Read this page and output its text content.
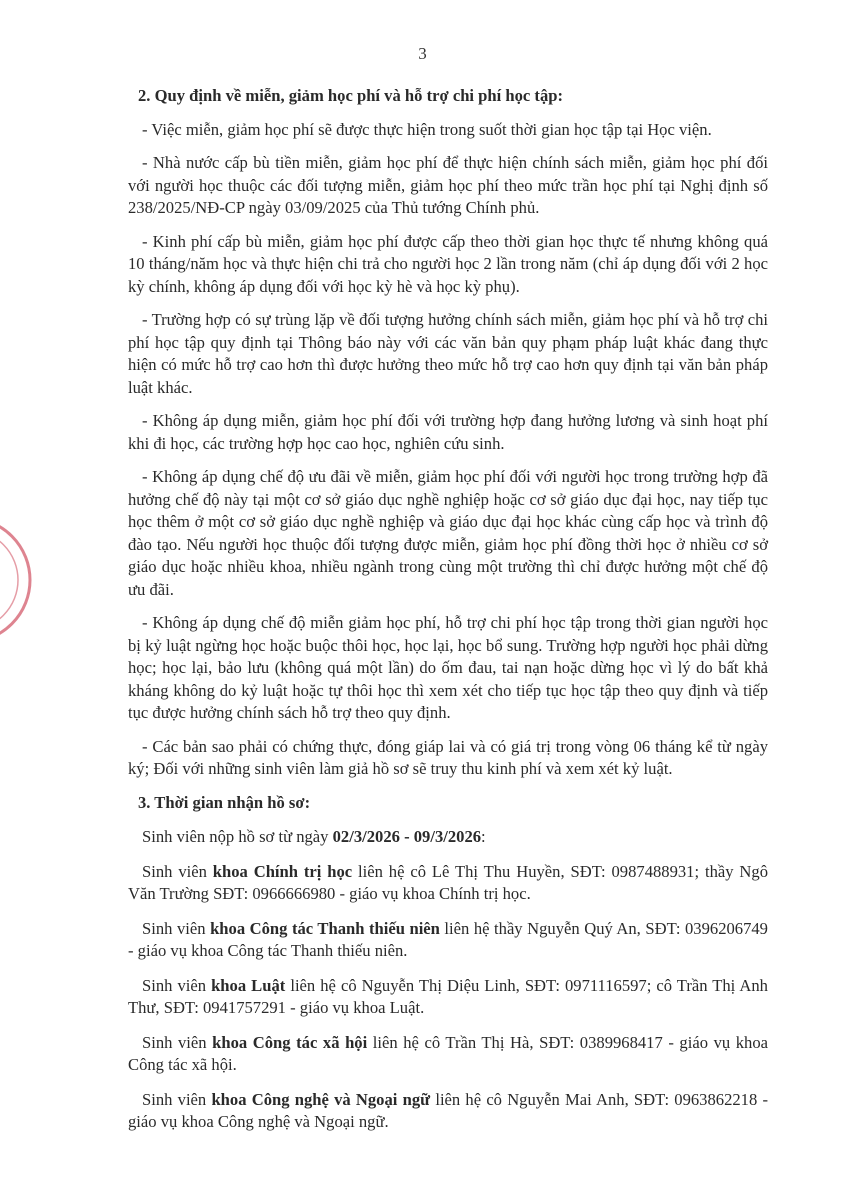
3
2. Quy định về miễn, giảm học phí và hỗ trợ chi phí học tập:

- Việc miễn, giảm học phí sẽ được thực hiện trong suốt thời gian học tập tại Học viện.

- Nhà nước cấp bù tiền miễn, giảm học phí để thực hiện chính sách miễn, giảm học phí đối với người học thuộc các đối tượng miễn, giảm học phí theo mức trần học phí tại Nghị định số 238/2025/NĐ-CP ngày 03/09/2025 của Thủ tướng Chính phủ.

- Kinh phí cấp bù miễn, giảm học phí được cấp theo thời gian học thực tế nhưng không quá 10 tháng/năm học và thực hiện chi trả cho người học 2 lần trong năm (chỉ áp dụng đối với 2 học kỳ chính, không áp dụng đối với học kỳ hè và học kỳ phụ).

- Trường hợp có sự trùng lặp về đối tượng hưởng chính sách miễn, giảm học phí và hỗ trợ chi phí học tập quy định tại Thông báo này với các văn bản quy phạm pháp luật khác đang thực hiện có mức hỗ trợ cao hơn thì được hưởng theo mức hỗ trợ cao hơn quy định tại văn bản pháp luật khác.

- Không áp dụng miễn, giảm học phí đối với trường hợp đang hưởng lương và sinh hoạt phí khi đi học, các trường hợp học cao học, nghiên cứu sinh.

- Không áp dụng chế độ ưu đãi về miễn, giảm học phí đối với người học trong trường hợp đã hưởng chế độ này tại một cơ sở giáo dục nghề nghiệp hoặc cơ sở giáo dục đại học, nay tiếp tục học thêm ở một cơ sở giáo dục nghề nghiệp và giáo dục đại học khác cùng cấp học và trình độ đào tạo. Nếu người học thuộc đối tượng được miễn, giảm học phí đồng thời học ở nhiều cơ sở giáo dục hoặc nhiều khoa, nhiều ngành trong cùng một trường thì chỉ được hưởng một chế độ ưu đãi.

- Không áp dụng chế độ miễn giảm học phí, hỗ trợ chi phí học tập trong thời gian người học bị kỷ luật ngừng học hoặc buộc thôi học, học lại, học bổ sung. Trường hợp người học phải dừng học; học lại, bảo lưu (không quá một lần) do ốm đau, tai nạn hoặc dừng học vì lý do bất khả kháng không do kỷ luật hoặc tự thôi học thì xem xét cho tiếp tục học tập theo quy định và tiếp tục được hưởng chính sách hỗ trợ theo quy định.

- Các bản sao phải có chứng thực, đóng giáp lai và có giá trị trong vòng 06 tháng kể từ ngày ký; Đối với những sinh viên làm giả hồ sơ sẽ truy thu kinh phí và xem xét kỷ luật.

3. Thời gian nhận hồ sơ:

Sinh viên nộp hồ sơ từ ngày 02/3/2026 - 09/3/2026:

Sinh viên khoa Chính trị học liên hệ cô Lê Thị Thu Huyền, SĐT: 0987488931; thầy Ngô Văn Trường SĐT: 0966666980 - giáo vụ khoa Chính trị học.

Sinh viên khoa Công tác Thanh thiếu niên liên hệ thầy Nguyễn Quý An, SĐT: 0396206749 - giáo vụ khoa Công tác Thanh thiếu niên.

Sinh viên khoa Luật liên hệ cô Nguyễn Thị Diệu Linh, SĐT: 0971116597; cô Trần Thị Anh Thư, SĐT: 0941757291 - giáo vụ khoa Luật.

Sinh viên khoa Công tác xã hội liên hệ cô Trần Thị Hà, SĐT: 0389968417 - giáo vụ khoa Công tác xã hội.

Sinh viên khoa Công nghệ và Ngoại ngữ liên hệ cô Nguyễn Mai Anh, SĐT: 0963862218 - giáo vụ khoa Công nghệ và Ngoại ngữ.
